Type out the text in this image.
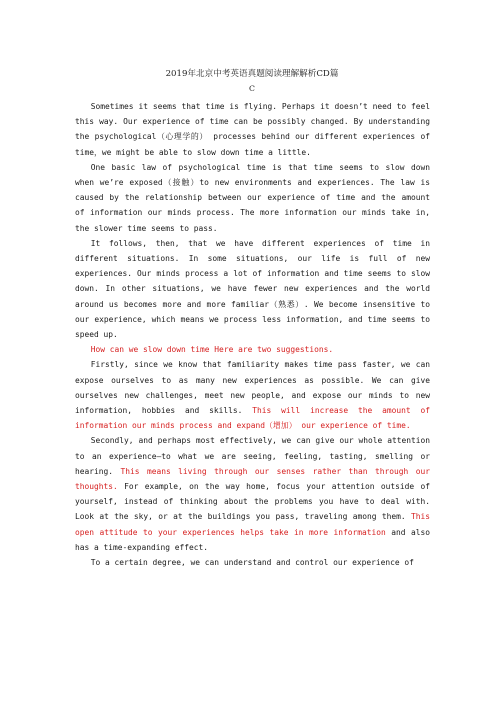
2019年北京中考英语真题阅读理解解析CD篇
C

Sometimes it seems that time is flying. Perhaps it doesn’t need to feel this way. Our experience of time can be possibly changed. By understanding the psychological（心理学的） processes behind our different experiences of time，we might be able to slow down time a little.

One basic law of psychological time is that time seems to slow down when we’re exposed（接触）to new environments and experiences. The law is caused by the relationship between our experience of time and the amount of information our minds process. The more information our minds take in, the slower time seems to pass.

It follows, then, that we have different experiences of time in different situations. In some situations, our life is full of new experiences. Our minds process a lot of information and time seems to slow down. In other situations, we have fewer new experiences and the world around us becomes more and more familiar（熟悉）. We become insensitive to our experience, which means we process less information, and time seems to speed up.

How can we slow down time Here are two suggestions.

Firstly, since we know that familiarity makes time pass faster, we can expose ourselves to as many new experiences as possible. We can give ourselves new challenges, meet new people, and expose our minds to new information, hobbies and skills. This will increase the amount of information our minds process and expand（增加） our experience of time.

Secondly, and perhaps most effectively, we can give our whole attention to an experience—to what we are seeing, feeling, tasting, smelling or hearing. This means living through our senses rather than through our thoughts. For example, on the way home, focus your attention outside of yourself, instead of thinking about the problems you have to deal with. Look at the sky, or at the buildings you pass, traveling among them. This open attitude to your experiences helps take in more information and also has a time-expanding effect.

To a certain degree, we can understand and control our experience of
